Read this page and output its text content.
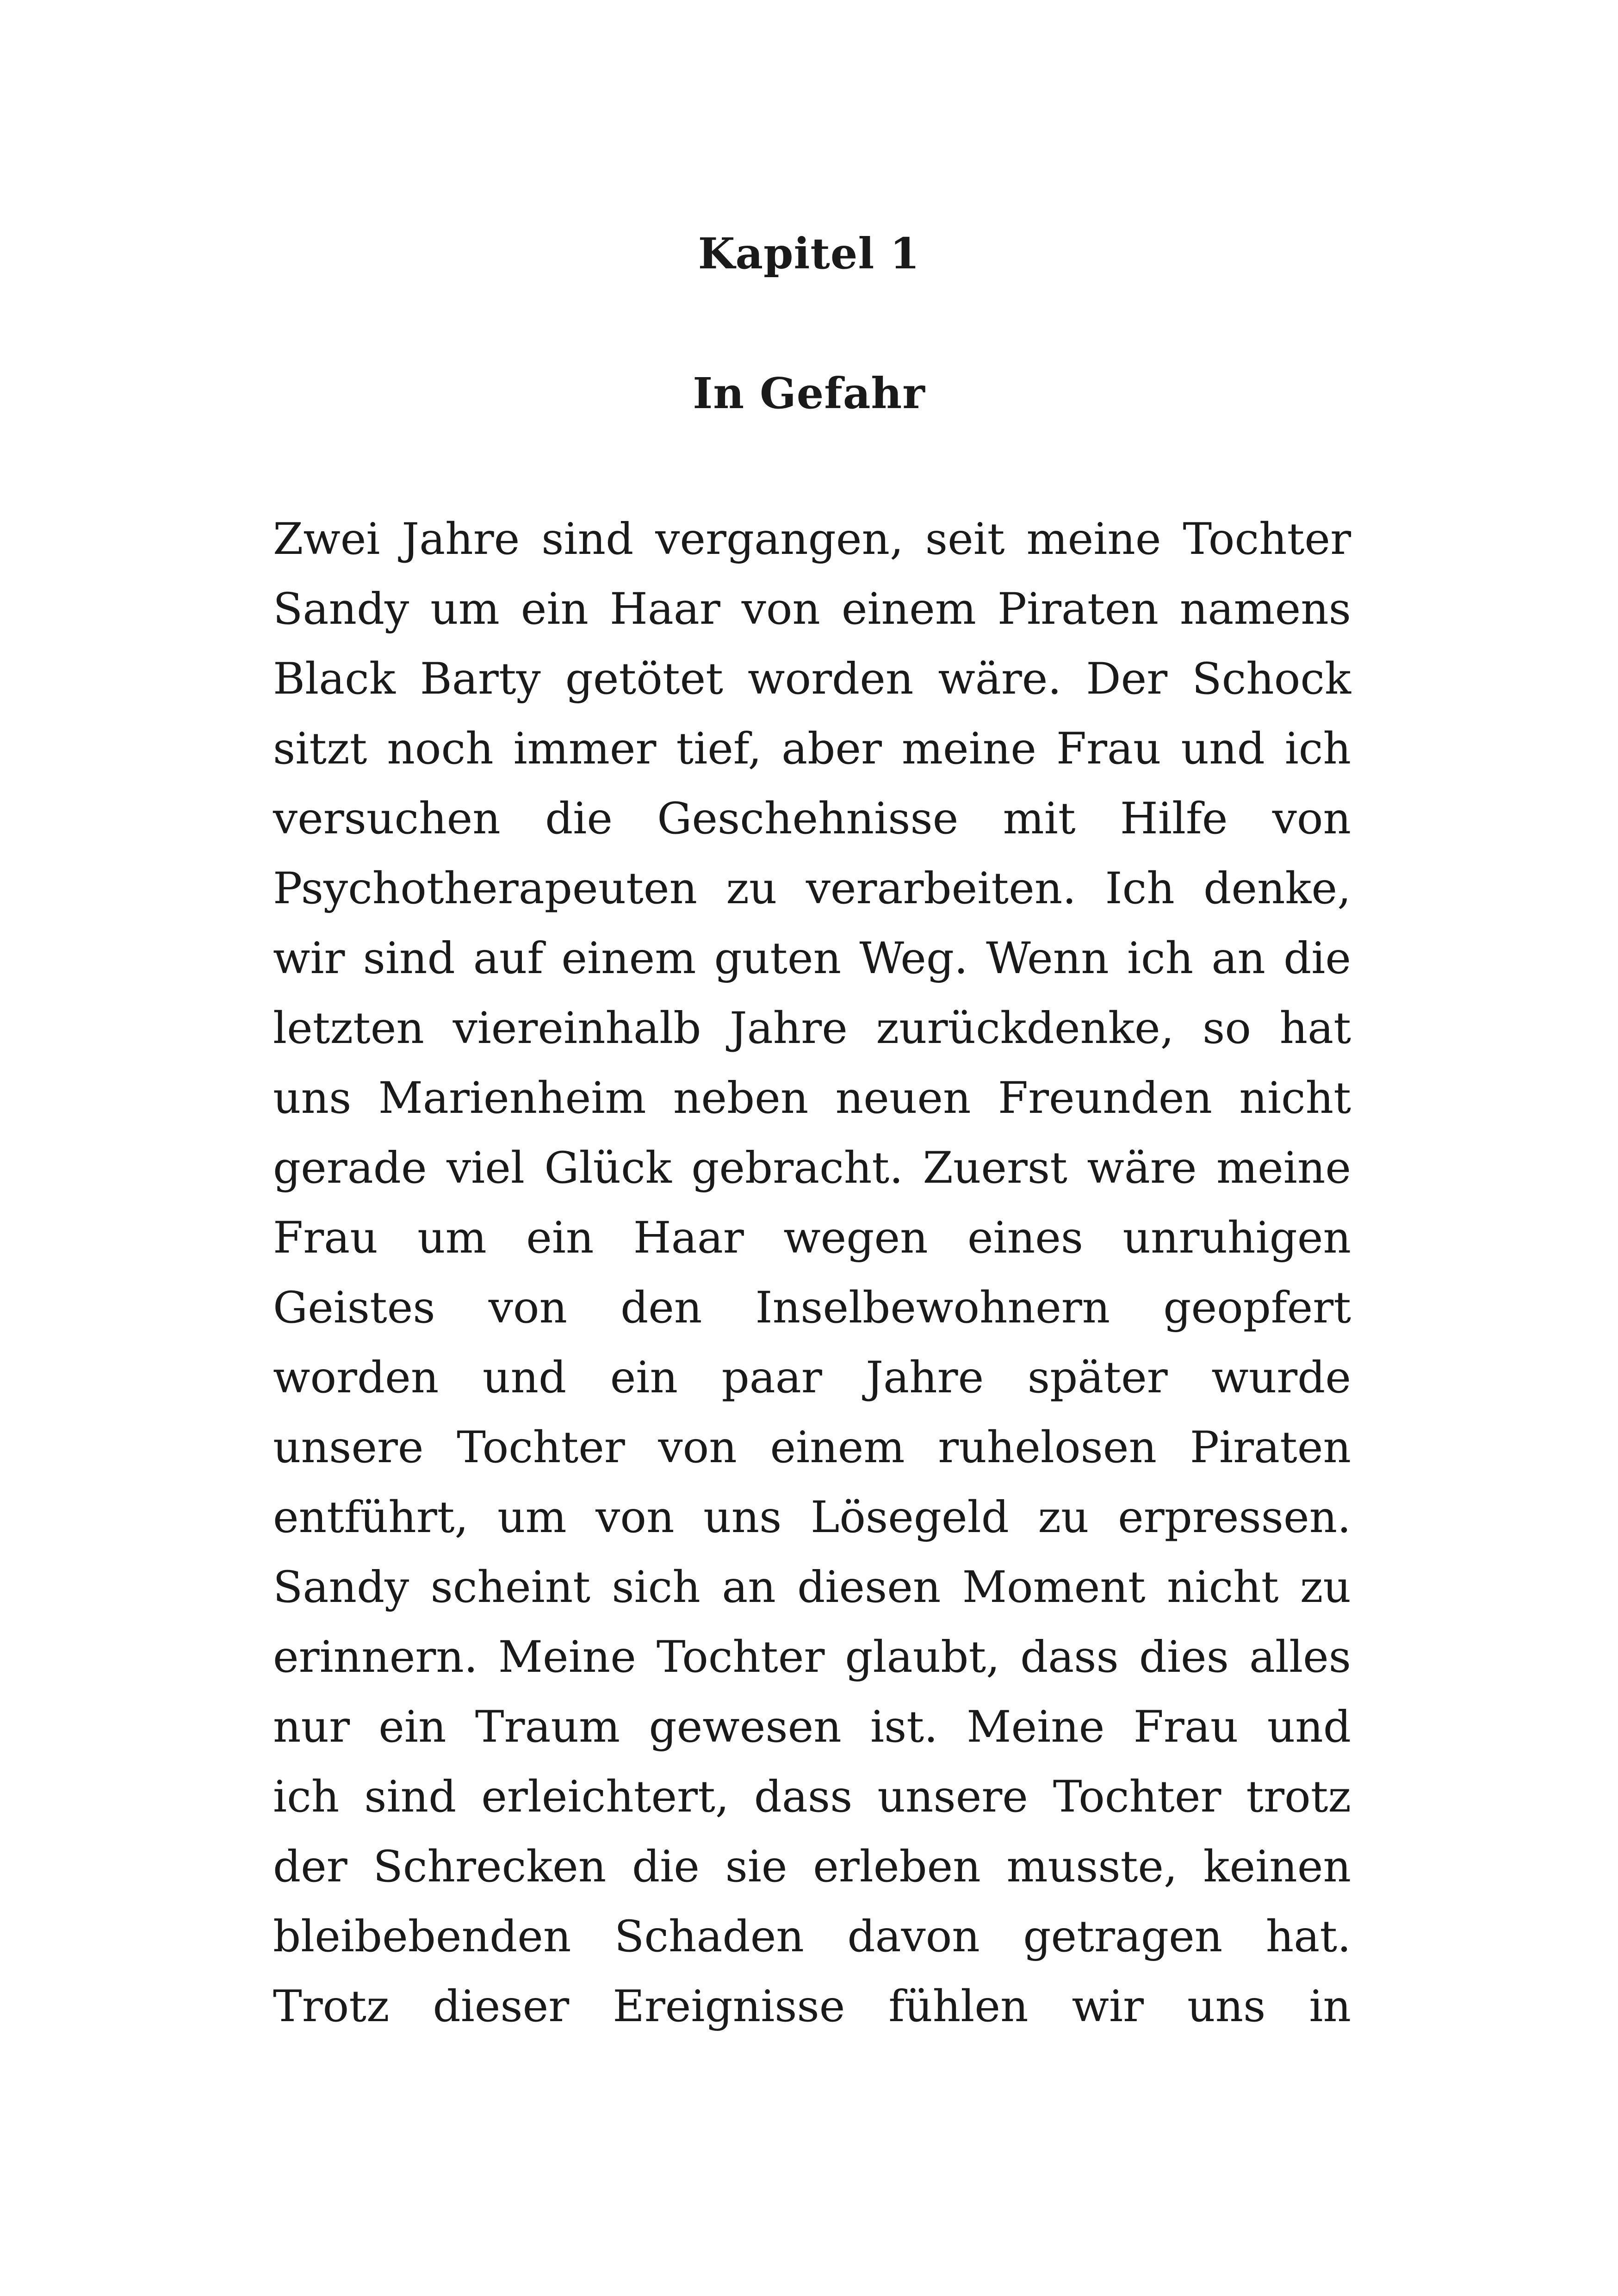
Kapitel 1
In Gefahr
Zwei Jahre sind vergangen, seit meine Tochter
Sandy um ein Haar von einem Piraten namens
Black Barty getötet worden wäre. Der Schock
sitzt noch immer tief, aber meine Frau und ich
versuchen die Geschehnisse mit Hilfe von
Psychotherapeuten zu verarbeiten. Ich denke,
wir sind auf einem guten Weg. Wenn ich an die
letzten viereinhalb Jahre zurückdenke, so hat
uns Marienheim neben neuen Freunden nicht
gerade viel Glück gebracht. Zuerst wäre meine
Frau um ein Haar wegen eines unruhigen
Geistes von den Inselbewohnern geopfert
worden und ein paar Jahre später wurde
unsere Tochter von einem ruhelosen Piraten
entführt, um von uns Lösegeld zu erpressen.
Sandy scheint sich an diesen Moment nicht zu
erinnern. Meine Tochter glaubt, dass dies alles
nur ein Traum gewesen ist. Meine Frau und
ich sind erleichtert, dass unsere Tochter trotz
der Schrecken die sie erleben musste, keinen
bleibebenden Schaden davon getragen hat.
Trotz dieser Ereignisse fühlen wir uns in
